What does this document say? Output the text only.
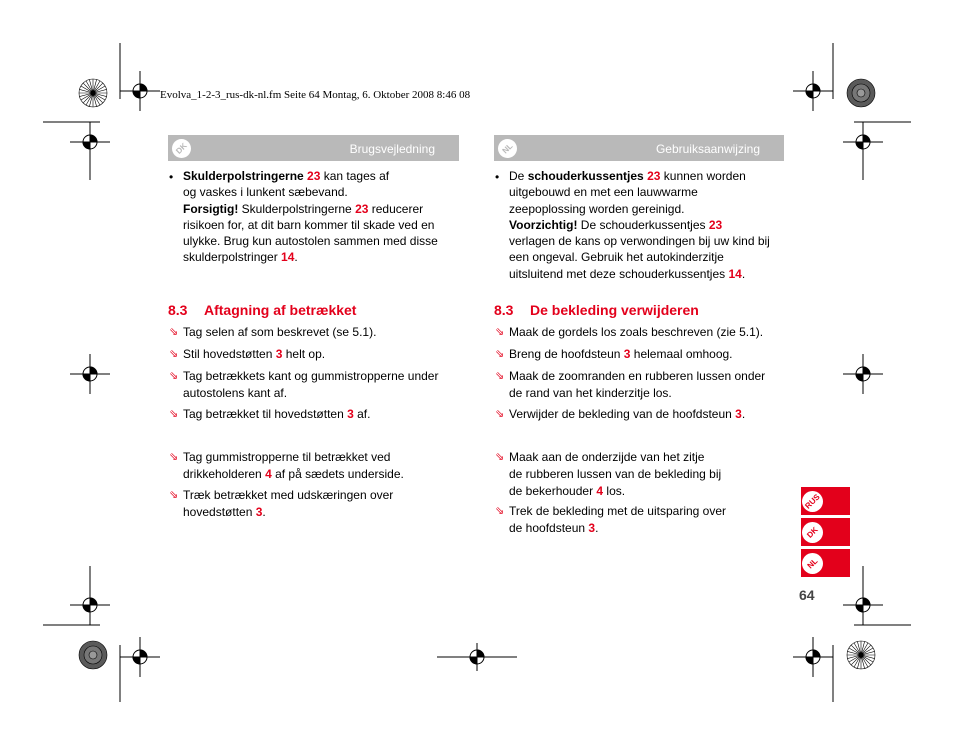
Evolva_1-2-3_rus-dk-nl.fm Seite 64 Montag, 6. Oktober 2008 8:46 08
DK	Brugsvejledning
• Skulderpolstringerne 23 kan tages af
og vaskes i lunkent sæbevand.
Forsigtig! Skulderpolstringerne 23 reducerer
risikoen for, at dit barn kommer til skade ved en
ulykke. Brug kun autostolen sammen med disse
skulderpolstringer 14.
8.3 Aftagning af betrækket
⇘ Tag selen af som beskrevet (se 5.1).
⇘ Stil hovedstøtten 3 helt op.
⇘ Tag betrækkets kant og gummistropperne under
autostolens kant af.
⇘ Tag betrækket til hovedstøtten 3 af.
⇘ Tag gummistropperne til betrækket ved
drikkeholderen 4 af på sædets underside.
⇘ Træk betrækket med udskæringen over
hovedstøtten 3.
NL	Gebruiksaanwijzing
• De schouderkussentjes 23 kunnen worden
uitgebouwd en met een lauwwarme
zeepoplossing worden gereinigd.
Voorzichtig! De schouderkussentjes 23
verlagen de kans op verwondingen bij uw kind bij
een ongeval. Gebruik het autokinderzitje
uitsluitend met deze schouderkussentjes 14.
8.3 De bekleding verwijderen
⇘ Maak de gordels los zoals beschreven (zie 5.1).
⇘ Breng de hoofdsteun 3 helemaal omhoog.
⇘ Maak de zoomranden en rubberen lussen onder
de rand van het kinderzitje los.
⇘ Verwijder de bekleding van de hoofdsteun 3.
⇘ Maak aan de onderzijde van het zitje
de rubberen lussen van de bekleding bij
de bekerhouder 4 los.
⇘ Trek de bekleding met de uitsparing over
de hoofdsteun 3.
RUS
DK
NL
64
